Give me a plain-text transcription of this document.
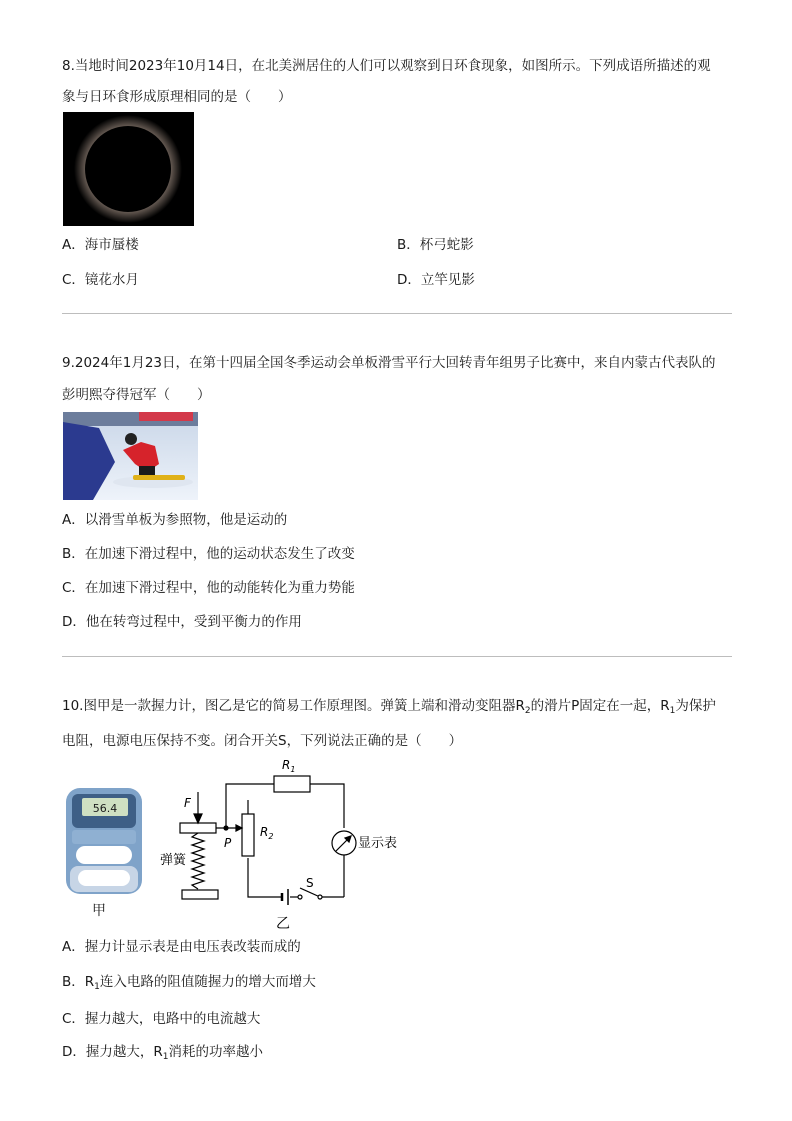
8.当地时间2023年10月14日，在北美洲居住的人们可以观察到日环食现象，如图所示。下列成语所描述的观
象与日环食形成原理相同的是（　　）
A．海市蜃楼	B．杯弓蛇影
C．镜花水月	D．立竿见影
9.2024年1月23日，在第十四届全国冬季运动会单板滑雪平行大回转青年组男子比赛中，来自内蒙古代表队的
彭明熙夺得冠军（　　）
A．以滑雪单板为参照物，他是运动的
B．在加速下滑过程中，他的运动状态发生了改变
C．在加速下滑过程中，他的动能转化为重力势能
D．他在转弯过程中，受到平衡力的作用
10.图甲是一款握力计，图乙是它的简易工作原理图。弹簧上端和滑动变阻器$R_2$的滑片P固定在一起，$R_1$为保护
电阻，电源电压保持不变。闭合开关S，下列说法正确的是（　　）
56.4
甲
$R_1$
S
$R_2$
P
F
弹簧
显示表
乙
A．握力计显示表是由电压表改装而成的
B．$R_1$连入电路的阻值随握力的增大而增大
C．握力越大，电路中的电流越大
D．握力越大，$R_1$消耗的功率越小
